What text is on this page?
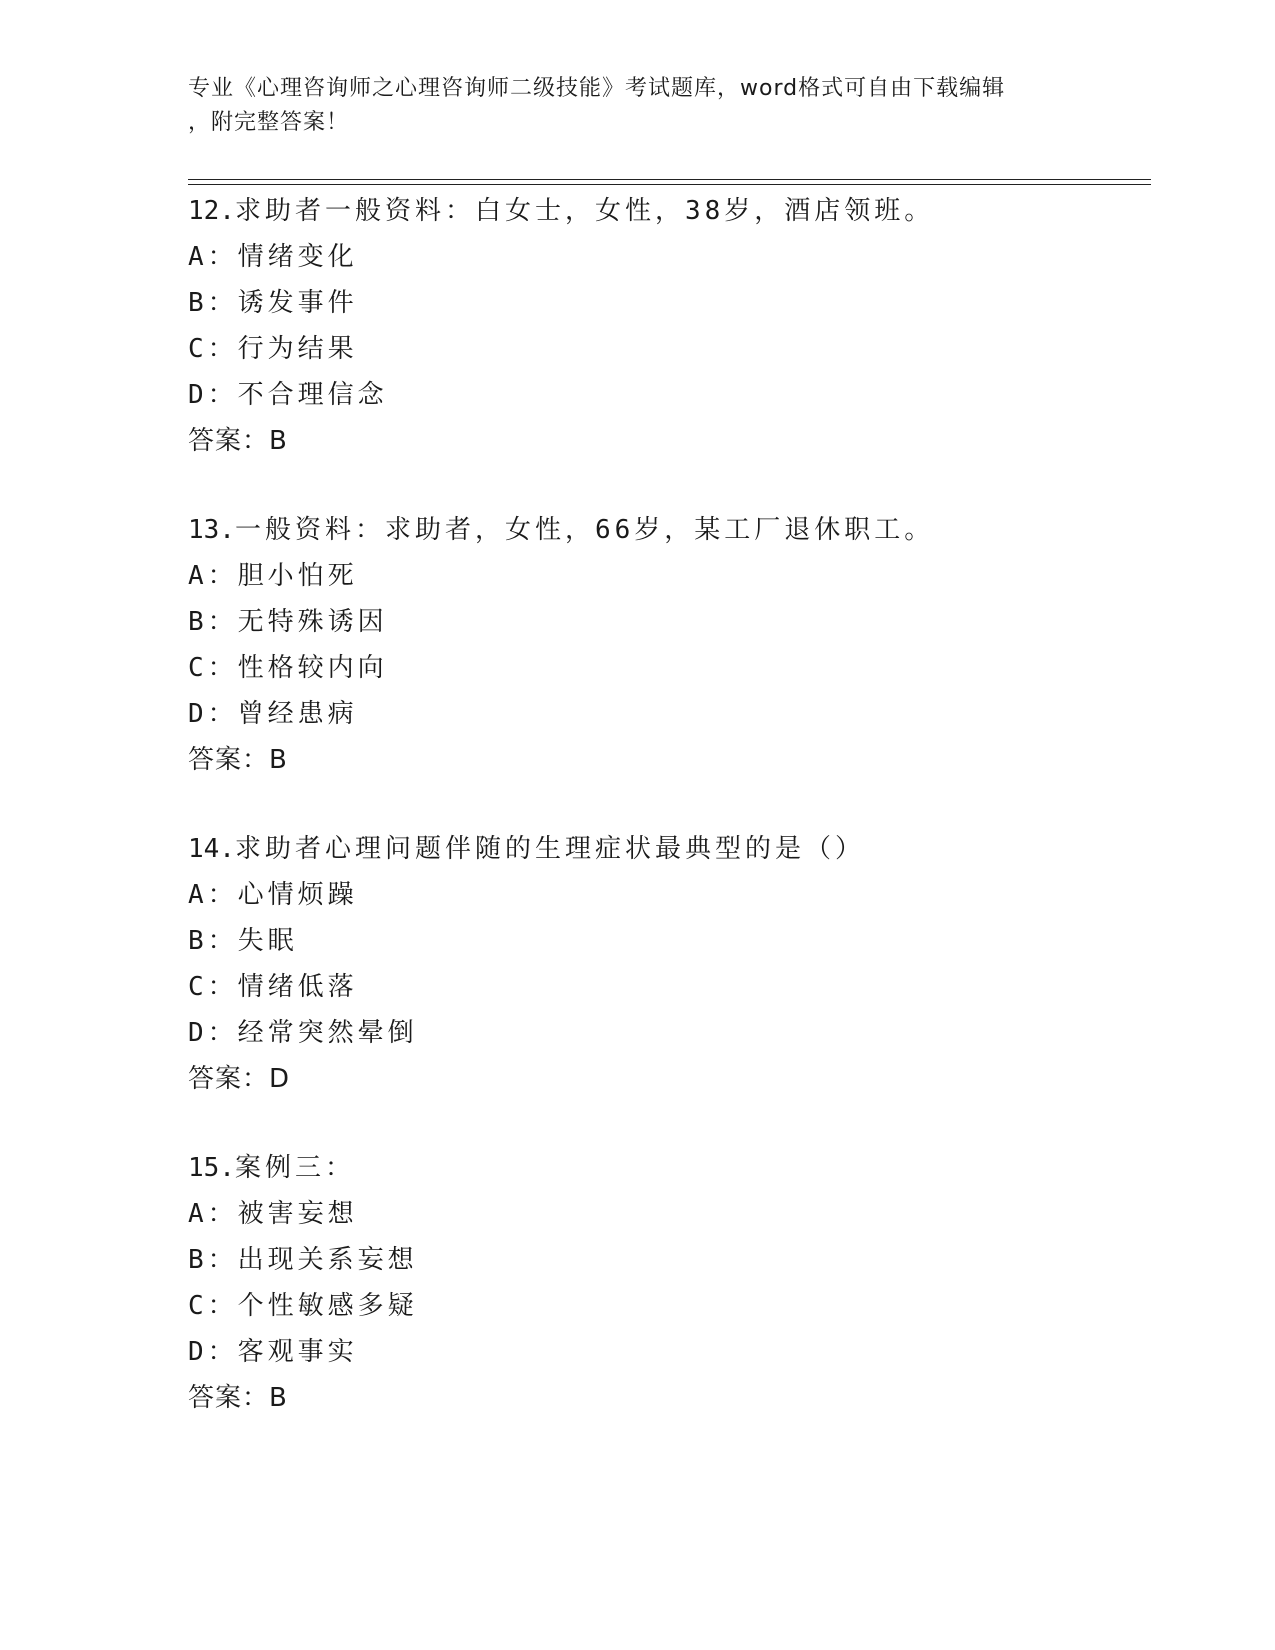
专业《心理咨询师之心理咨询师二级技能》考试题库，word格式可自由下载编辑
，附完整答案！
12.求助者一般资料：白女士，女性，38岁，酒店领班。
A：情绪变化
B：诱发事件
C：行为结果
D：不合理信念
答案：B
13.一般资料：求助者，女性，66岁，某工厂退休职工。
A：胆小怕死
B：无特殊诱因
C：性格较内向
D：曾经患病
答案：B
14.求助者心理问题伴随的生理症状最典型的是（）
A：心情烦躁
B：失眠
C：情绪低落
D：经常突然晕倒
答案：D
15.案例三：
A：被害妄想
B：出现关系妄想
C：个性敏感多疑
D：客观事实
答案：B
